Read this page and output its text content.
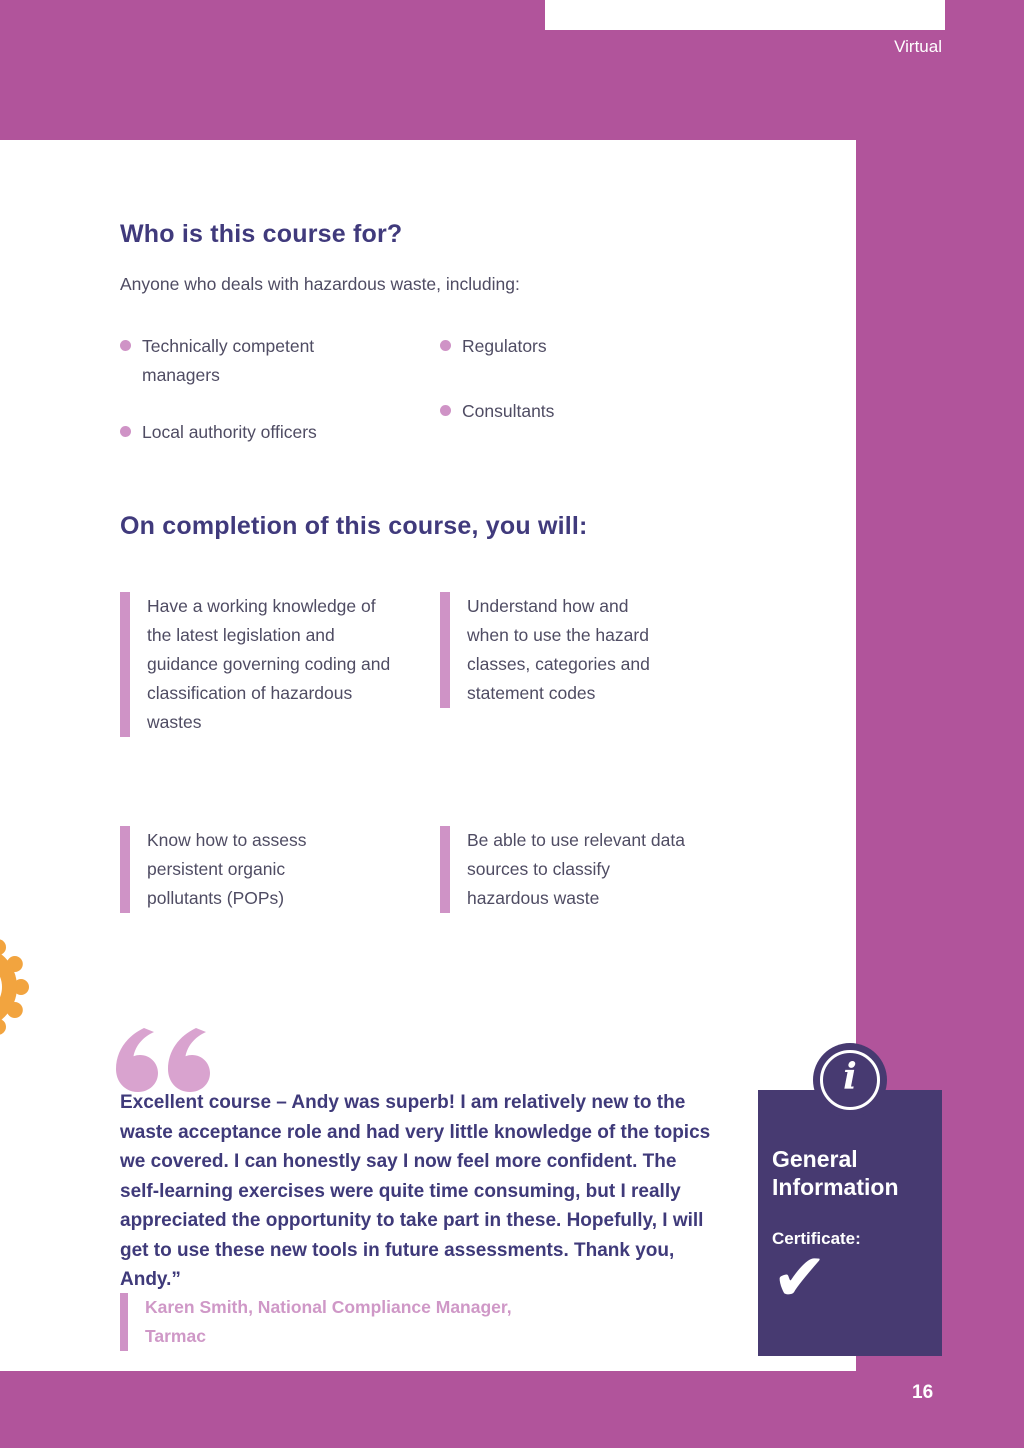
Virtual
Who is this course for?
Anyone who deals with hazardous waste, including:
Technically competent managers
Local authority officers
Regulators
Consultants
On completion of this course, you will:
Have a working knowledge of the latest legislation and guidance governing coding and classification of hazardous wastes
Understand how and when to use the hazard classes, categories and statement codes
Know how to assess persistent organic pollutants (POPs)
Be able to use relevant data sources to classify hazardous waste
Excellent course – Andy was superb! I am relatively new to the waste acceptance role and had very little knowledge of the topics we covered. I can honestly say I now feel more confident. The self-learning exercises were quite time consuming, but I really appreciated the opportunity to take part in these. Hopefully, I will get to use these new tools in future assessments. Thank you, Andy.”
Karen Smith, National Compliance Manager,
Tarmac
General
Information
Certificate:
✔
i
16
